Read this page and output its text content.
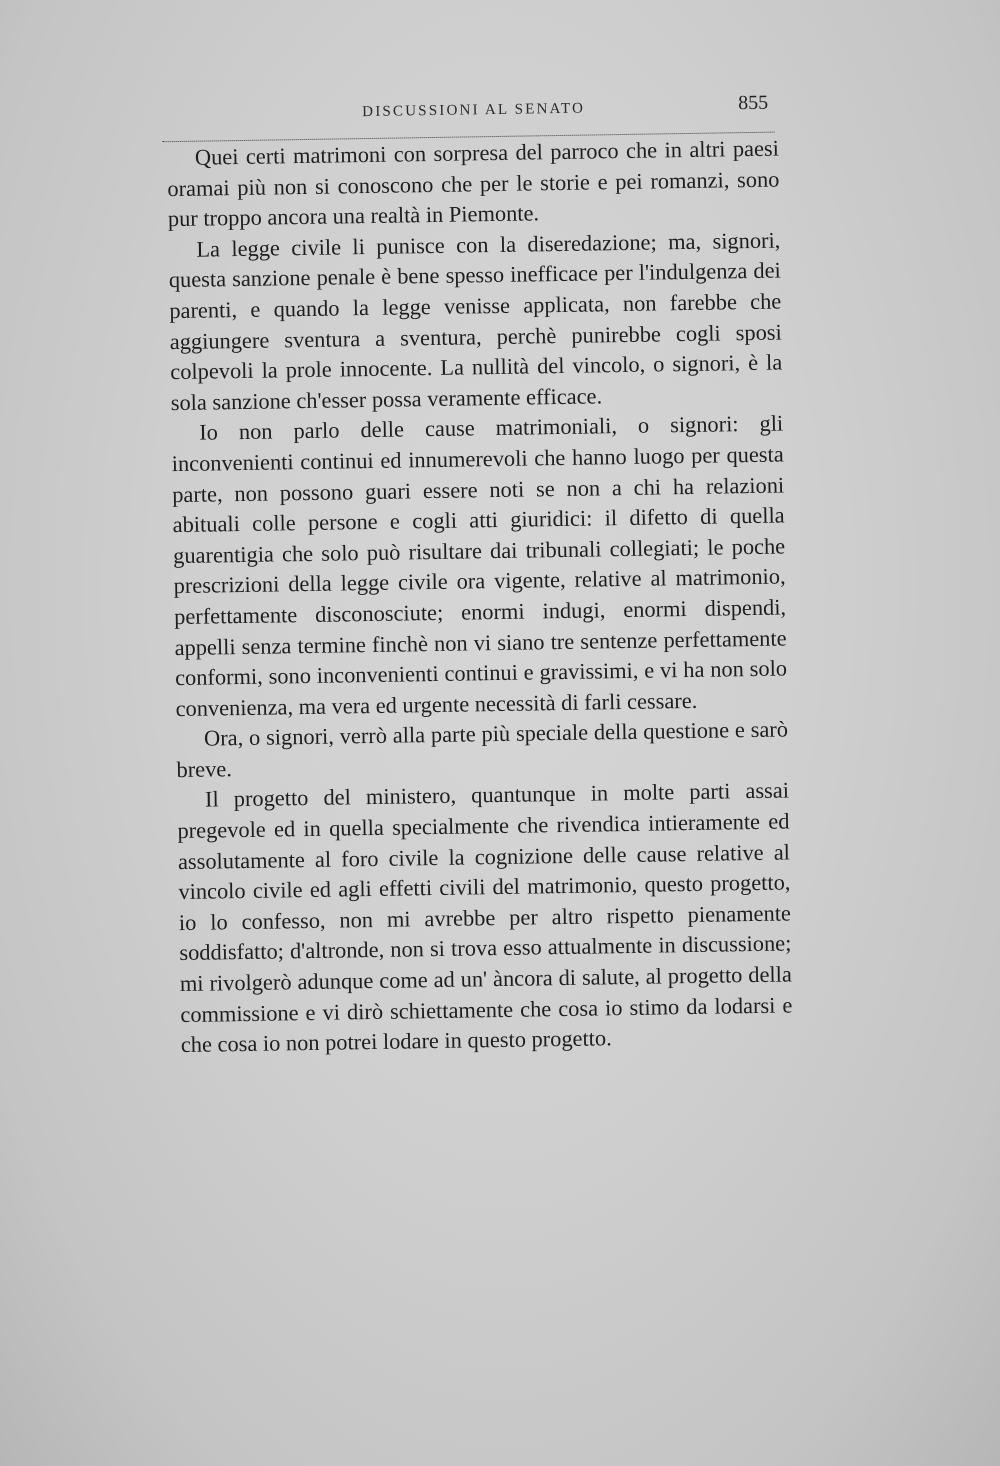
DISCUSSIONI AL SENATO	855

Quei certi matrimoni con sorpresa del parroco che in altri paesi oramai più non si conoscono che per le storie e pei romanzi, sono pur troppo ancora una realtà in Piemonte.

La legge civile li punisce con la diseredazione; ma, signori, questa sanzione penale è bene spesso inefficace per l'indulgenza dei parenti, e quando la legge venisse applicata, non farebbe che aggiungere sventura a sventura, perchè punirebbe cogli sposi colpevoli la prole innocente. La nullità del vincolo, o signori, è la sola sanzione ch'esser possa veramente efficace.

Io non parlo delle cause matrimoniali, o signori: gli inconvenienti continui ed innumerevoli che hanno luogo per questa parte, non possono guari essere noti se non a chi ha relazioni abituali colle persone e cogli atti giuridici: il difetto di quella guarentigia che solo può risultare dai tribunali collegiati; le poche prescrizioni della legge civile ora vigente, relative al matrimonio, perfettamente disconosciute; enormi indugi, enormi dispendi, appelli senza termine finchè non vi siano tre sentenze perfettamente conformi, sono inconvenienti continui e gravissimi, e vi ha non solo convenienza, ma vera ed urgente necessità di farli cessare.

Ora, o signori, verrò alla parte più speciale della questione e sarò breve.

Il progetto del ministero, quantunque in molte parti assai pregevole ed in quella specialmente che rivendica intieramente ed assolutamente al foro civile la cognizione delle cause relative al vincolo civile ed agli effetti civili del matrimonio, questo progetto, io lo confesso, non mi avrebbe per altro rispetto pienamente soddisfatto; d'altronde, non si trova esso attualmente in discussione; mi rivolgerò adunque come ad un' àncora di salute, al progetto della commissione e vi dirò schiettamente che cosa io stimo da lodarsi e che cosa io non potrei lodare in questo progetto.
